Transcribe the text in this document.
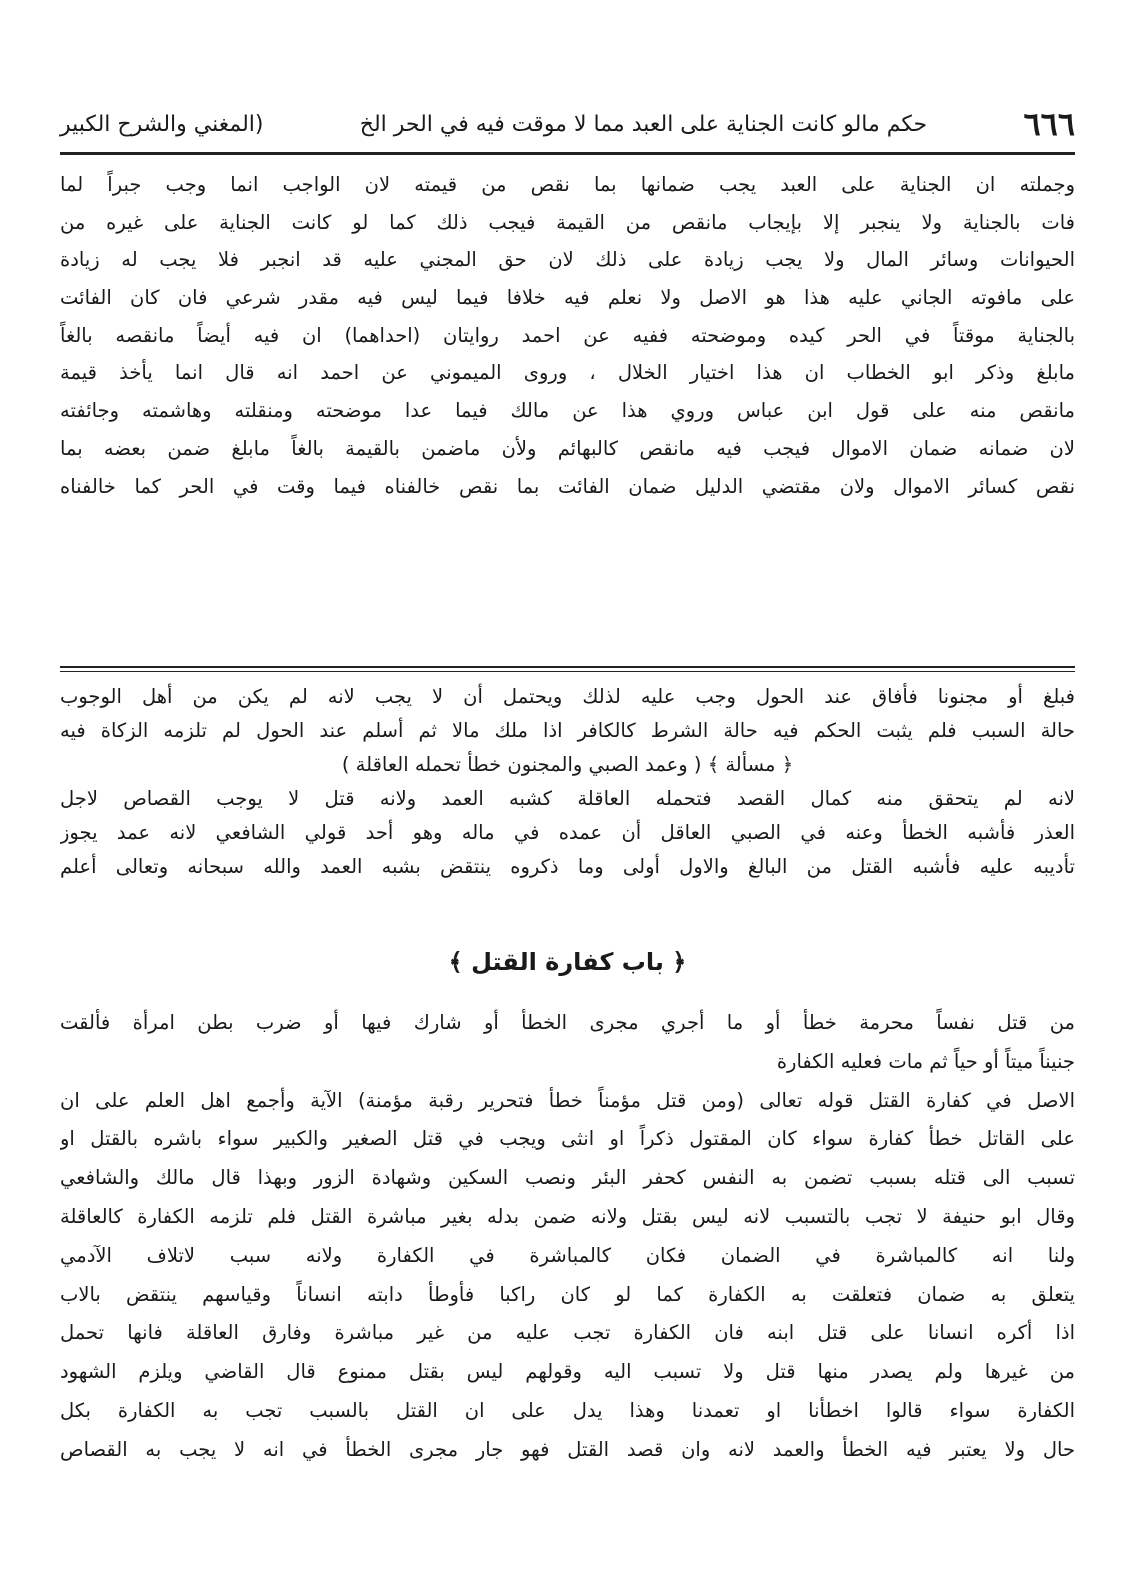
٦٦٦
حكم مالو كانت الجناية على العبد مما لا موقت فيه في الحر الخ
(المغني والشرح الكبير
وجملته ان الجناية على العبد يجب ضمانها بما نقص من قيمته لان الواجب انما وجب جبراً لما
فات بالجناية ولا ينجبر إلا بإيجاب مانقص من القيمة فيجب ذلك كما لو كانت الجناية على غيره من
الحيوانات وسائر المال ولا يجب زيادة على ذلك لان حق المجني عليه قد انجبر فلا يجب له زيادة
على مافوته الجاني عليه هذا هو الاصل ولا نعلم فيه خلافا فيما ليس فيه مقدر شرعي فان كان الفائت
بالجناية موقتاً في الحر كيده وموضحته ففيه عن احمد روايتان (احداهما) ان فيه أيضاً مانقصه بالغاً
مابلغ وذكر ابو الخطاب ان هذا اختيار الخلال ، وروى الميموني عن احمد انه قال انما يأخذ قيمة
مانقص منه على قول ابن عباس وروي هذا عن مالك فيما عدا موضحته ومنقلته وهاشمته وجائفته
لان ضمانه ضمان الاموال فيجب فيه مانقص كالبهائم ولأن ماضمن بالقيمة بالغاً مابلغ ضمن بعضه بما
نقص كسائر الاموال ولان مقتضي الدليل ضمان الفائت بما نقص خالفناه فيما وقت في الحر كما خالفناه
فبلغ أو مجنونا فأفاق عند الحول وجب عليه لذلك ويحتمل أن لا يجب لانه لم يكن من أهل الوجوب
حالة السبب فلم يثبت الحكم فيه حالة الشرط كالكافر اذا ملك مالا ثم أسلم عند الحول لم تلزمه الزكاة فيه
﴿ مسألة ﴾ ( وعمد الصبي والمجنون خطأ تحمله العاقلة )
لانه لم يتحقق منه كمال القصد فتحمله العاقلة كشبه العمد ولانه قتل لا يوجب القصاص لاجل
العذر فأشبه الخطأ وعنه في الصبي العاقل أن عمده في ماله وهو أحد قولي الشافعي لانه عمد يجوز
تأديبه عليه فأشبه القتل من البالغ والاول أولى وما ذكروه ينتقض بشبه العمد والله سبحانه وتعالى أعلم
﴿ باب كفارة القتل ﴾
من قتل نفساً محرمة خطأ أو ما أجري مجرى الخطأ أو شارك فيها أو ضرب بطن امرأة فألقت
جنيناً ميتاً أو حياً ثم مات فعليه الكفارة
الاصل في كفارة القتل قوله تعالى (ومن قتل مؤمناً خطأ فتحرير رقبة مؤمنة) الآية وأجمع اهل العلم على ان
على القاتل خطأ كفارة سواء كان المقتول ذكراً او انثى ويجب في قتل الصغير والكبير سواء باشره بالقتل او
تسبب الى قتله بسبب تضمن به النفس كحفر البئر ونصب السكين وشهادة الزور وبهذا قال مالك والشافعي
وقال ابو حنيفة لا تجب بالتسبب لانه ليس بقتل ولانه ضمن بدله بغير مباشرة القتل فلم تلزمه الكفارة كالعاقلة
ولنا انه كالمباشرة في الضمان فكان كالمباشرة في الكفارة ولانه سبب لاتلاف الآدمي
يتعلق به ضمان فتعلقت به الكفارة كما لو كان راكبا فأوطأ دابته انساناً وقياسهم ينتقض بالاب
اذا أكره انسانا على قتل ابنه فان الكفارة تجب عليه من غير مباشرة وفارق العاقلة فانها تحمل
من غيرها ولم يصدر منها قتل ولا تسبب اليه وقولهم ليس بقتل ممنوع قال القاضي ويلزم الشهود
الكفارة سواء قالوا اخطأنا او تعمدنا وهذا يدل على ان القتل بالسبب تجب به الكفارة بكل
حال ولا يعتبر فيه الخطأ والعمد لانه وان قصد القتل فهو جار مجرى الخطأ في انه لا يجب به القصاص
